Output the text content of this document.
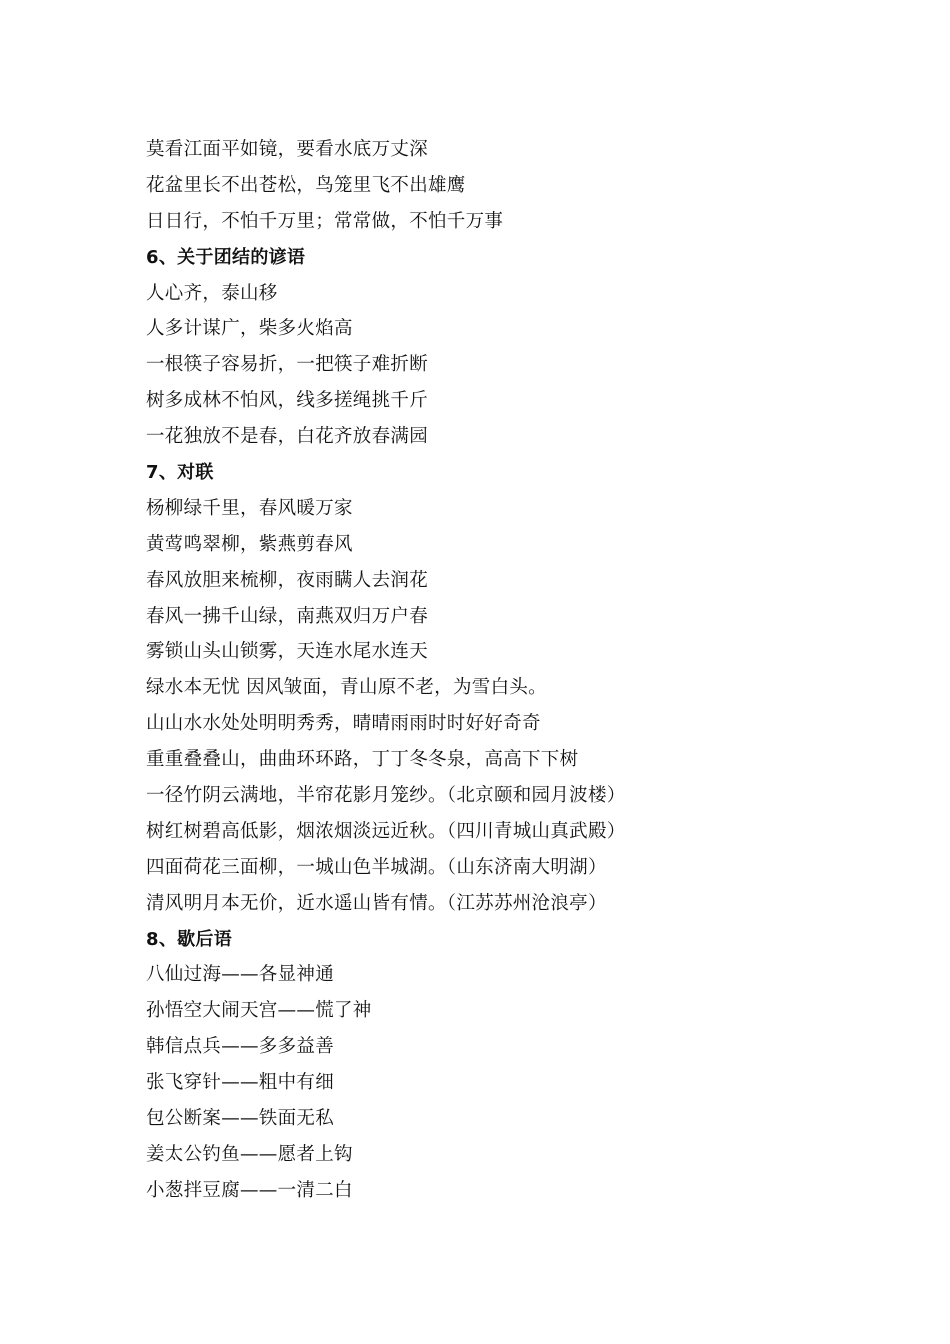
莫看江面平如镜，要看水底万丈深
花盆里长不出苍松，鸟笼里飞不出雄鹰
日日行，不怕千万里；常常做，不怕千万事
6、关于团结的谚语
人心齐，泰山移
人多计谋广，柴多火焰高
一根筷子容易折，一把筷子难折断
树多成林不怕风，线多搓绳挑千斤
一花独放不是春，白花齐放春满园
7、对联
杨柳绿千里，春风暖万家
黄莺鸣翠柳，紫燕剪春风
春风放胆来梳柳，夜雨瞒人去润花
春风一拂千山绿，南燕双归万户春
雾锁山头山锁雾，天连水尾水连天
绿水本无忧 因风皱面，青山原不老，为雪白头。
山山水水处处明明秀秀，晴晴雨雨时时好好奇奇
重重叠叠山，曲曲环环路，丁丁冬冬泉，高高下下树
一径竹阴云满地，半帘花影月笼纱。（北京颐和园月波楼）
树红树碧高低影，烟浓烟淡远近秋。（四川青城山真武殿）
四面荷花三面柳，一城山色半城湖。（山东济南大明湖）
清风明月本无价，近水遥山皆有情。（江苏苏州沧浪亭）
8、歇后语
八仙过海——各显神通
孙悟空大闹天宫——慌了神
韩信点兵——多多益善
张飞穿针——粗中有细
包公断案——铁面无私
姜太公钓鱼——愿者上钩
小葱拌豆腐——一清二白
